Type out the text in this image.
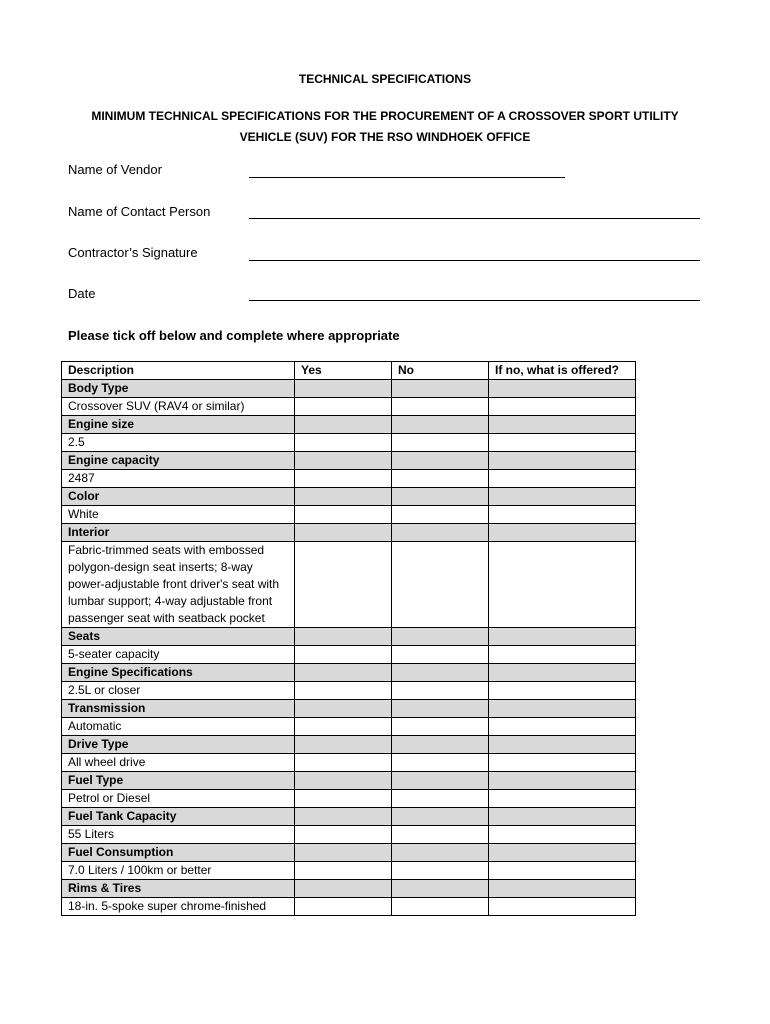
TECHNICAL SPECIFICATIONS
MINIMUM TECHNICAL SPECIFICATIONS FOR THE PROCUREMENT OF A CROSSOVER SPORT UTILITY
VEHICLE (SUV) FOR THE RSO WINDHOEK OFFICE
Name of Vendor
Name of Contact Person
Contractor’s Signature
Date
Please tick off below and complete where appropriate
Description	Yes	No	If no, what is offered?
Body Type			
Crossover SUV (RAV4 or similar)			
Engine size			
2.5			
Engine capacity			
2487			
Color			
White			
Interior			
Fabric-trimmed seats with embossed polygon-design seat inserts; 8-way power-adjustable front driver's seat with lumbar support; 4-way adjustable front passenger seat with seatback pocket			
Seats			
5-seater capacity			
Engine Specifications			
2.5L or closer			
Transmission			
Automatic			
Drive Type			
All wheel drive			
Fuel Type			
Petrol or Diesel			
Fuel Tank Capacity			
55 Liters			
Fuel Consumption			
7.0 Liters / 100km or better			
Rims & Tires			
18-in. 5-spoke super chrome-finished			
